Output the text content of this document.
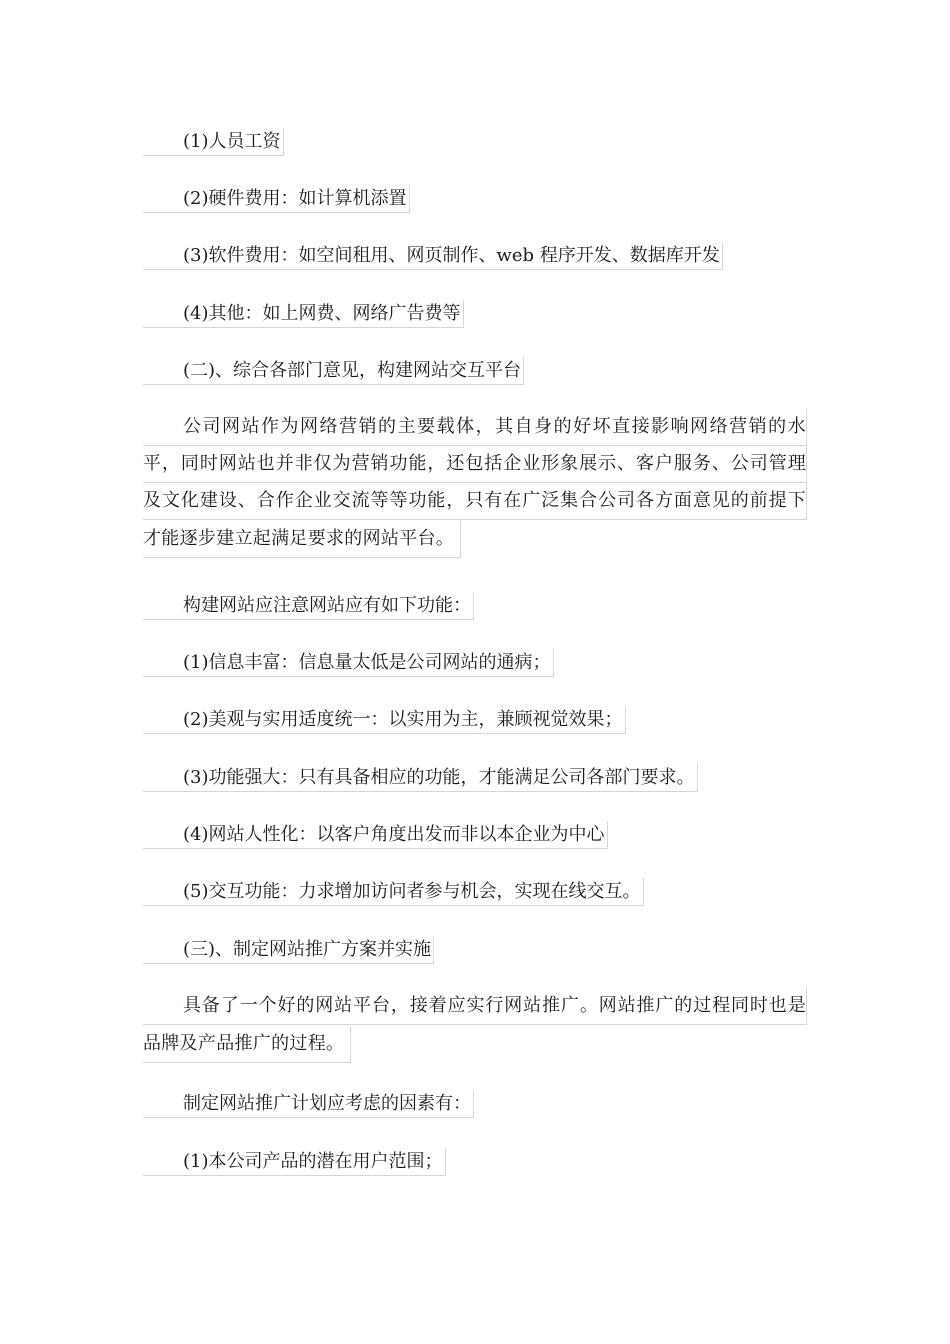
(1)人员工资
(2)硬件费用：如计算机添置
(3)软件费用：如空间租用、网页制作、web 程序开发、数据库开发
(4)其他：如上网费、网络广告费等
(二)、综合各部门意见，构建网站交互平台
公司网站作为网络营销的主要载体，其自身的好坏直接影响网络营销的水
平，同时网站也并非仅为营销功能，还包括企业形象展示、客户服务、公司管理
及文化建设、合作企业交流等等功能，只有在广泛集合公司各方面意见的前提下
才能逐步建立起满足要求的网站平台。
构建网站应注意网站应有如下功能：
(1)信息丰富：信息量太低是公司网站的通病；
(2)美观与实用适度统一：以实用为主，兼顾视觉效果；
(3)功能强大：只有具备相应的功能，才能满足公司各部门要求。
(4)网站人性化：以客户角度出发而非以本企业为中心
(5)交互功能：力求增加访问者参与机会，实现在线交互。
(三)、制定网站推广方案并实施
具备了一个好的网站平台，接着应实行网站推广。网站推广的过程同时也是
品牌及产品推广的过程。
制定网站推广计划应考虑的因素有：
(1)本公司产品的潜在用户范围；
